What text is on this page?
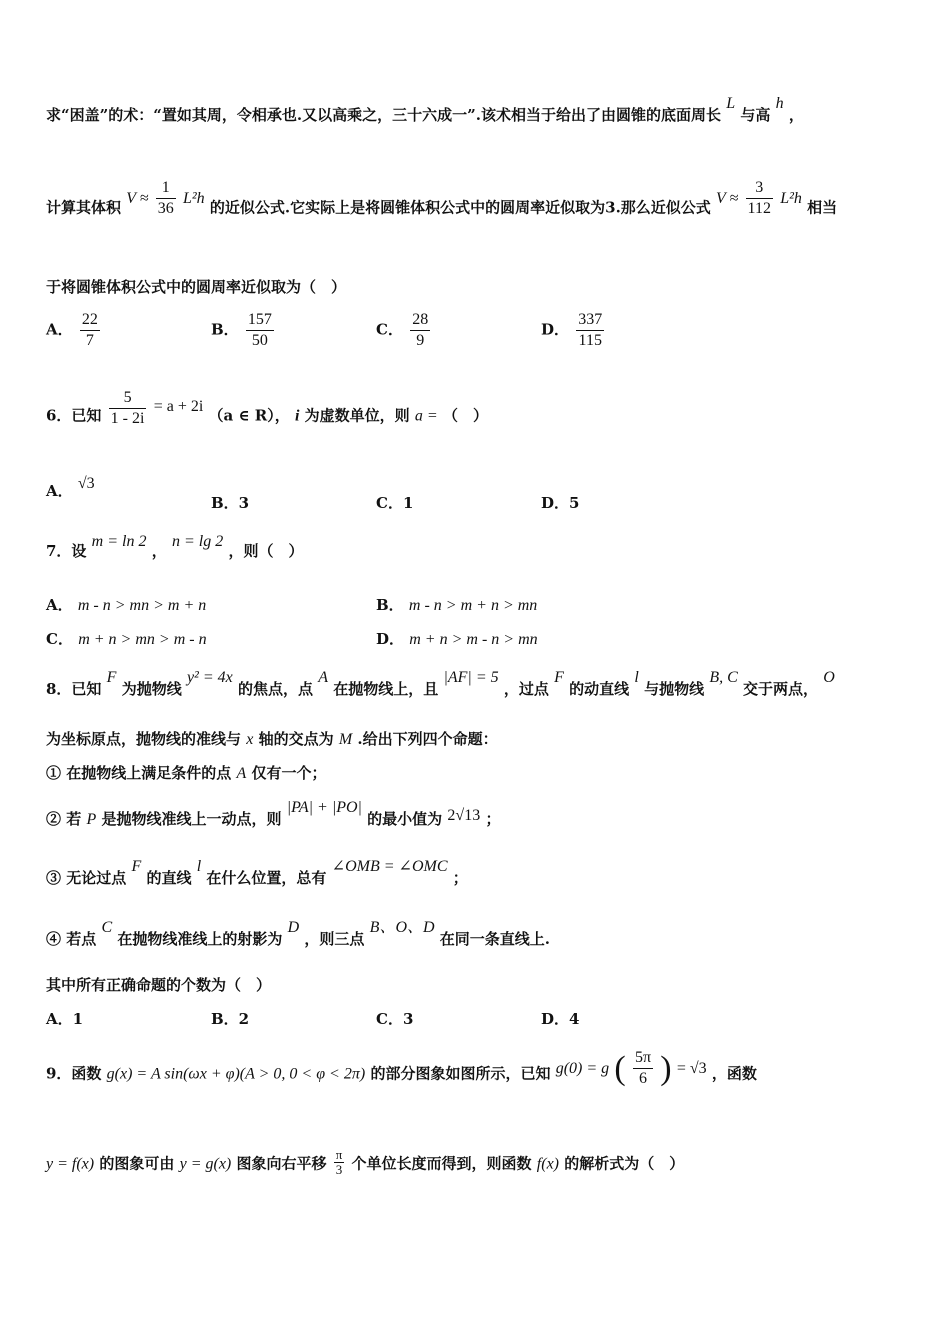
求“困盖”的术：“置如其周，令相承也.又以高乘之，三十六成一”.该术相当于给出了由圆锥的底面周长 L 与高 h ，
计算其体积 $V \approx \frac{1}{36} L^2h$ 的近似公式.它实际上是将圆锥体积公式中的圆周率近似取为3.那么近似公式 $V \approx \frac{3}{112} L^2h$ 相当
于将圆锥体积公式中的圆周率近似取为（　）
A． $\frac{22}{7}$	B． $\frac{157}{50}$	C． $\frac{28}{9}$	D． $\frac{337}{115}$
6．已知 $\frac{5}{1 - 2i} = a + 2i$ （a ∈ R）， i 为虚数单位，则 a = （　）
A． √3
B．3	C．1	D．5
7．设 m = ln 2 ， n = lg 2 ，则（　）
A． m - n > mn > m + n	B． m - n > m + n > mn
C． m + n > mn > m - n	D． m + n > m - n > mn
8．已知 F 为抛物线 y² = 4x 的焦点，点 A 在抛物线上，且 |AF| = 5 ，过点 F 的动直线 l 与抛物线 B, C 交于两点， O
为坐标原点，抛物线的准线与 x 轴的交点为 M .给出下列四个命题：
① 在抛物线上满足条件的点 A 仅有一个；
② 若 P 是抛物线准线上一动点，则 |PA| + |PO| 的最小值为 2√13 ；
③ 无论过点 F 的直线 l 在什么位置，总有 ∠OMB = ∠OMC ；
④ 若点 C 在抛物线准线上的射影为 D ，则三点 B、O、D 在同一条直线上.
其中所有正确命题的个数为（　）
A．1	B．2	C．3	D．4
9．函数 g(x) = A sin(ωx + φ)(A > 0, 0 < φ < 2π) 的部分图象如图所示，已知 g(0) = g ( $\frac{5\pi}{6}$ ) = √3 ，函数
y = f(x) 的图象可由 y = g(x) 图象向右平移 $\frac{\pi}{3}$ 个单位长度而得到，则函数 f(x) 的解析式为（　）
